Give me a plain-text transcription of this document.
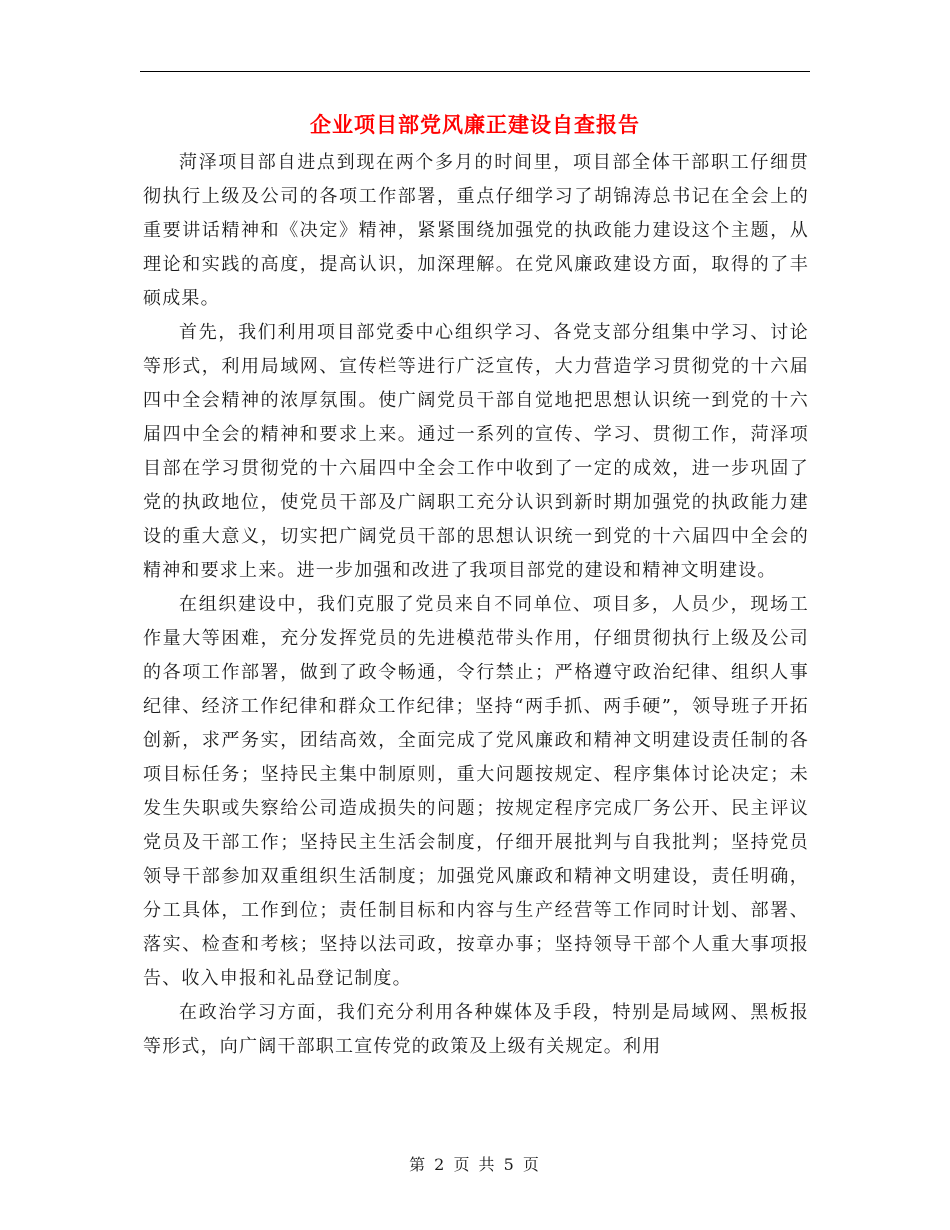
企业项目部党风廉正建设自查报告

菏泽项目部自进点到现在两个多月的时间里，项目部全体干部职工仔细贯彻执行上级及公司的各项工作部署，重点仔细学习了胡锦涛总书记在全会上的重要讲话精神和《决定》精神，紧紧围绕加强党的执政能力建设这个主题，从理论和实践的高度，提高认识，加深理解。在党风廉政建设方面，取得的了丰硕成果。

首先，我们利用项目部党委中心组织学习、各党支部分组集中学习、讨论等形式，利用局域网、宣传栏等进行广泛宣传，大力营造学习贯彻党的十六届四中全会精神的浓厚氛围。使广阔党员干部自觉地把思想认识统一到党的十六届四中全会的精神和要求上来。通过一系列的宣传、学习、贯彻工作，菏泽项目部在学习贯彻党的十六届四中全会工作中收到了一定的成效，进一步巩固了党的执政地位，使党员干部及广阔职工充分认识到新时期加强党的执政能力建设的重大意义，切实把广阔党员干部的思想认识统一到党的十六届四中全会的精神和要求上来。进一步加强和改进了我项目部党的建设和精神文明建设。

在组织建设中，我们克服了党员来自不同单位、项目多，人员少，现场工作量大等困难，充分发挥党员的先进模范带头作用，仔细贯彻执行上级及公司的各项工作部署，做到了政令畅通，令行禁止；严格遵守政治纪律、组织人事纪律、经济工作纪律和群众工作纪律；坚持“两手抓、两手硬”，领导班子开拓创新，求严务实，团结高效，全面完成了党风廉政和精神文明建设责任制的各项目标任务；坚持民主集中制原则，重大问题按规定、程序集体讨论决定；未发生失职或失察给公司造成损失的问题；按规定程序完成厂务公开、民主评议党员及干部工作；坚持民主生活会制度，仔细开展批判与自我批判；坚持党员领导干部参加双重组织生活制度；加强党风廉政和精神文明建设，责任明确，分工具体，工作到位；责任制目标和内容与生产经营等工作同时计划、部署、落实、检查和考核；坚持以法司政，按章办事；坚持领导干部个人重大事项报告、收入申报和礼品登记制度。

在政治学习方面，我们充分利用各种媒体及手段，特别是局域网、黑板报等形式，向广阔干部职工宣传党的政策及上级有关规定。利用

第 2 页 共 5 页
